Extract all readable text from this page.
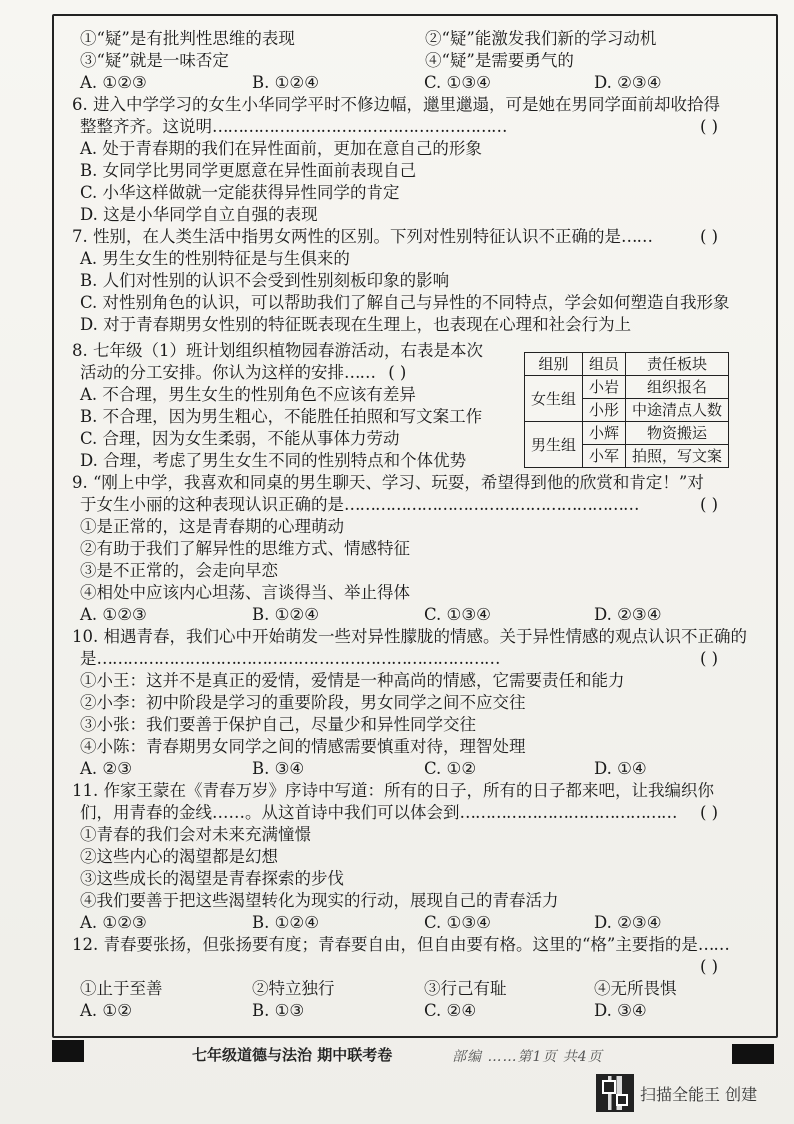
①“疑”是有批判性思维的表现	②“疑”能激发我们新的学习动机
③“疑”就是一味否定	④“疑”是需要勇气的
A. ①②③	B. ①②④	C. ①③④	D. ②③④
6. 进入中学学习的女生小华同学平时不修边幅，邋里邋遢，可是她在男同学面前却收拾得
整整齐齐。这说明…………………………………………………	( )
A. 处于青春期的我们在异性面前，更加在意自己的形象
B. 女同学比男同学更愿意在异性面前表现自己
C. 小华这样做就一定能获得异性同学的肯定
D. 这是小华同学自立自强的表现
7. 性别，在人类生活中指男女两性的区别。下列对性别特征认识不正确的是……	( )
A. 男生女生的性别特征是与生俱来的
B. 人们对性别的认识不会受到性别刻板印象的影响
C. 对性别角色的认识，可以帮助我们了解自己与异性的不同特点，学会如何塑造自我形象
D. 对于青春期男女性别的特征既表现在生理上，也表现在心理和社会行为上
8. 七年级（1）班计划组织植物园春游活动，右表是本次
活动的分工安排。你认为这样的安排…… ( )
A. 不合理，男生女生的性别角色不应该有差异
B. 不合理，因为男生粗心，不能胜任拍照和写文案工作
C. 合理，因为女生柔弱，不能从事体力劳动
D. 合理，考虑了男生女生不同的性别特点和个体优势
9. “刚上中学，我喜欢和同桌的男生聊天、学习、玩耍，希望得到他的欣赏和肯定！”对
于女生小丽的这种表现认识正确的是…………………………………………………	( )
①是正常的，这是青春期的心理萌动
②有助于我们了解异性的思维方式、情感特征
③是不正常的，会走向早恋
④相处中应该内心坦荡、言谈得当、举止得体
A. ①②③	B. ①②④	C. ①③④	D. ②③④
10. 相遇青春，我们心中开始萌发一些对异性朦胧的情感。关于异性情感的观点认识不正确的
是……………………………………………………………………	( )
①小王：这并不是真正的爱情，爱情是一种高尚的情感，它需要责任和能力
②小李：初中阶段是学习的重要阶段，男女同学之间不应交往
③小张：我们要善于保护自己，尽量少和异性同学交往
④小陈：青春期男女同学之间的情感需要慎重对待，理智处理
A. ②③	B. ③④	C. ①②	D. ①④
11. 作家王蒙在《青春万岁》序诗中写道：所有的日子，所有的日子都来吧，让我编织你
们，用青春的金线……。从这首诗中我们可以体会到……………………………………	( )
①青春的我们会对未来充满憧憬
②这些内心的渴望都是幻想
③这些成长的渴望是青春探索的步伐
④我们要善于把这些渴望转化为现实的行动，展现自己的青春活力
A. ①②③	B. ①②④	C. ①③④	D. ②③④
12. 青春要张扬，但张扬要有度；青春要自由，但自由要有格。这里的“格”主要指的是……
( )
①止于至善	②特立独行	③行己有耻	④无所畏惧
A. ①②	B. ①③	C. ②④	D. ③④
组别	组员	责任板块
女生组	小岩	组织报名
	小彤	中途清点人数
男生组	小辉	物资搬运
	小军	拍照，写文案
七年级道德与法治 期中联考卷	部编 ……第1页 共4页
扫描全能王 创建
